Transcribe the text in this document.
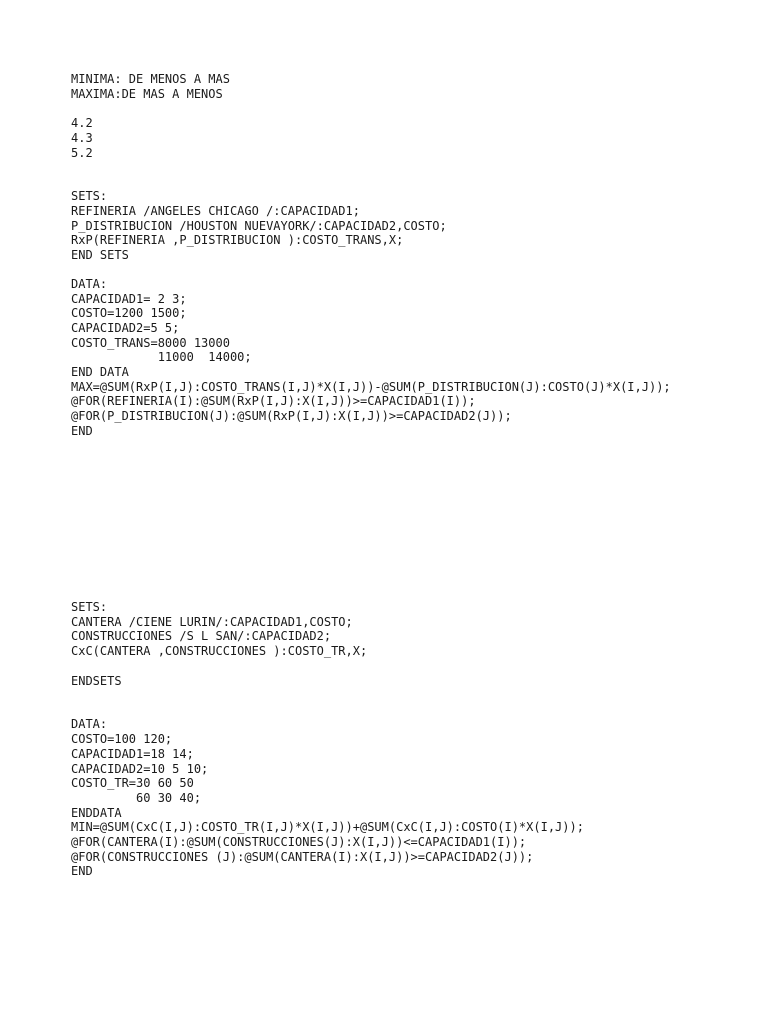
MINIMA: DE MENOS A MAS
MAXIMA:DE MAS A MENOS
4.2
4.3
5.2
SETS:
REFINERIA /ANGELES CHICAGO /:CAPACIDAD1;
P_DISTRIBUCION /HOUSTON NUEVAYORK/:CAPACIDAD2,COSTO;
RxP(REFINERIA ,P_DISTRIBUCION ):COSTO_TRANS,X;
END SETS
DATA:
CAPACIDAD1= 2 3;
COSTO=1200 1500;
CAPACIDAD2=5 5;
COSTO_TRANS=8000 13000
11000  14000;
END DATA
MAX=@SUM(RxP(I,J):COSTO_TRANS(I,J)*X(I,J))-@SUM(P_DISTRIBUCION(J):COSTO(J)*X(I,J));
@FOR(REFINERIA(I):@SUM(RxP(I,J):X(I,J))>=CAPACIDAD1(I));
@FOR(P_DISTRIBUCION(J):@SUM(RxP(I,J):X(I,J))>=CAPACIDAD2(J));
END
SETS:
CANTERA /CIENE LURIN/:CAPACIDAD1,COSTO;
CONSTRUCCIONES /S L SAN/:CAPACIDAD2;
CxC(CANTERA ,CONSTRUCCIONES ):COSTO_TR,X;
ENDSETS
DATA:
COSTO=100 120;
CAPACIDAD1=18 14;
CAPACIDAD2=10 5 10;
COSTO_TR=30 60 50
60 30 40;
ENDDATA
MIN=@SUM(CxC(I,J):COSTO_TR(I,J)*X(I,J))+@SUM(CxC(I,J):COSTO(I)*X(I,J));
@FOR(CANTERA(I):@SUM(CONSTRUCCIONES(J):X(I,J))<=CAPACIDAD1(I));
@FOR(CONSTRUCCIONES (J):@SUM(CANTERA(I):X(I,J))>=CAPACIDAD2(J));
END
